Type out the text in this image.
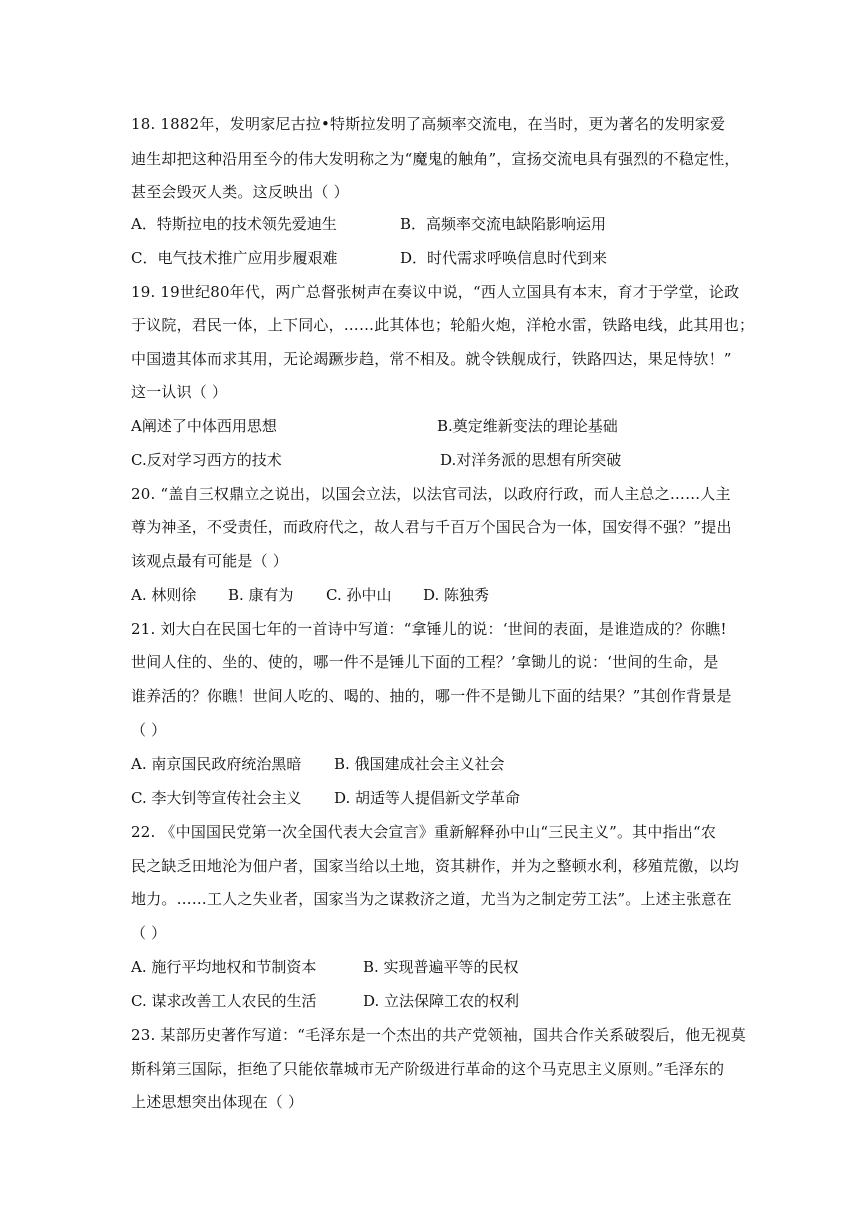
18. 1882年，发明家尼古拉•特斯拉发明了高频率交流电，在当时，更为著名的发明家爱
迪生却把这种沿用至今的伟大发明称之为“魔鬼的触角”，宣扬交流电具有强烈的不稳定性，
甚至会毁灭人类。这反映出（ ）
A．特斯拉电的技术领先爱迪生	B．高频率交流电缺陷影响运用
C．电气技术推广应用步履艰难	D．时代需求呼唤信息时代到来
19. 19世纪80年代，两广总督张树声在奏议中说，“西人立国具有本末，育才于学堂，论政
于议院，君民一体，上下同心，……此其体也；轮船火炮，洋枪水雷，铁路电线，此其用也；
中国遗其体而求其用，无论竭蹶步趋，常不相及。就令铁舰成行，铁路四达，果足恃欤！”
这一认识（ ）
A阐述了中体西用思想	B.奠定维新变法的理论基础
C.反对学习西方的技术	D.对洋务派的思想有所突破
20. “盖自三权鼎立之说出，以国会立法，以法官司法，以政府行政，而人主总之……人主
尊为神圣，不受责任，而政府代之，故人君与千百万个国民合为一体，国安得不强？”提出
该观点最有可能是（ ）
A. 林则徐 B. 康有为 C. 孙中山 D. 陈独秀
21. 刘大白在民国七年的一首诗中写道：“拿锤儿的说：‘世间的表面，是谁造成的？你瞧!
世间人住的、坐的、使的，哪一件不是锤儿下面的工程？’拿锄儿的说：‘世间的生命，是
谁养活的？你瞧！世间人吃的、喝的、抽的，哪一件不是锄儿下面的结果？”其创作背景是
（ ）
A. 南京国民政府统治黑暗 B. 俄国建成社会主义社会
C. 李大钊等宣传社会主义 D. 胡适等人提倡新文学革命
22. 《中国国民党第一次全国代表大会宣言》重新解释孙中山“三民主义”。其中指出“农
民之缺乏田地沦为佃户者，国家当给以土地，资其耕作，并为之整顿水利，移殖荒徼，以均
地力。……工人之失业者，国家当为之谋救济之道，尤当为之制定劳工法”。上述主张意在
（ ）
A. 施行平均地权和节制资本	B. 实现普遍平等的民权
C. 谋求改善工人农民的生活	D. 立法保障工农的权利
23. 某部历史著作写道：“毛泽东是一个杰出的共产党领袖，国共合作关系破裂后，他无视莫
斯科第三国际，拒绝了只能依靠城市无产阶级进行革命的这个马克思主义原则。”毛泽东的
上述思想突出体现在（ ）
